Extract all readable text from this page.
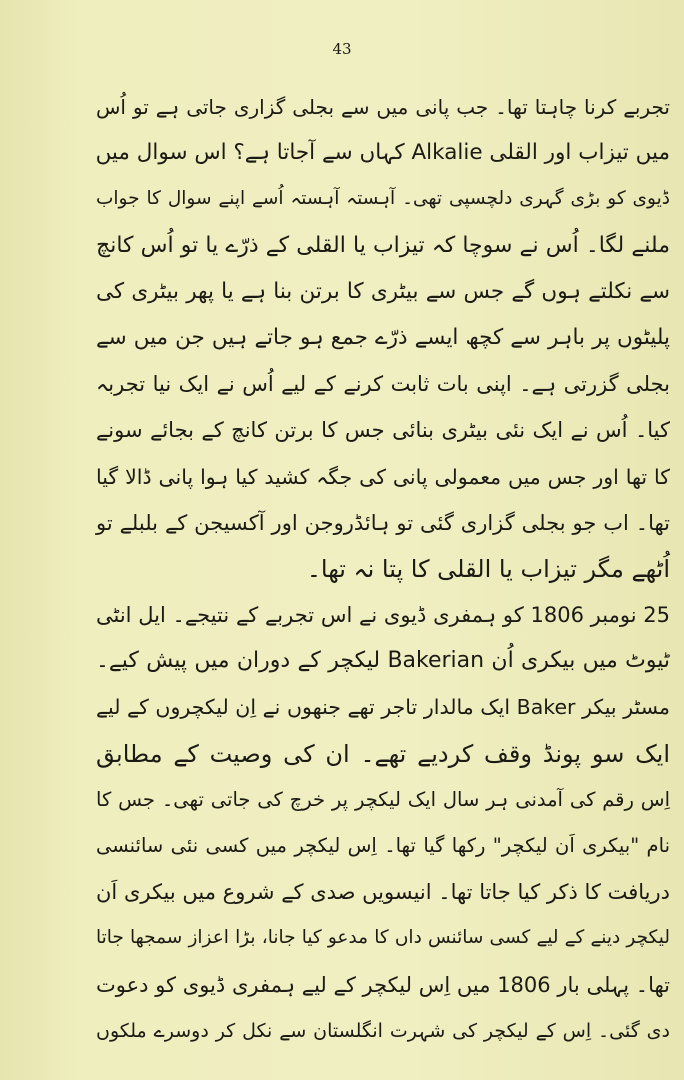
43
تجربے کرنا چاہتا تھا۔ جب پانی میں سے بجلی گزاری جاتی ہے تو اُس
میں تیزاب اور القلی Alkalie کہاں سے آجاتا ہے؟ اس سوال میں
ڈیوی کو بڑی گہری دلچسپی تھی۔ آہستہ آہستہ اُسے اپنے سوال کا جواب
ملنے لگا۔ اُس نے سوچا کہ تیزاب یا القلی کے ذرّے یا تو اُس کانچ
سے نکلتے ہوں گے جس سے بیٹری کا برتن بنا ہے یا پھر بیٹری کی
پلیٹوں پر باہر سے کچھ ایسے ذرّے جمع ہو جاتے ہیں جن میں سے
بجلی گزرتی ہے۔ اپنی بات ثابت کرنے کے لیے اُس نے ایک نیا تجربہ
کیا۔ اُس نے ایک نئی بیٹری بنائی جس کا برتن کانچ کے بجائے سونے
کا تھا اور جس میں معمولی پانی کی جگہ کشید کیا ہوا پانی ڈالا گیا
تھا۔ اب جو بجلی گزاری گئی تو ہائڈروجن اور آکسیجن کے بلبلے تو
اُٹھے مگر تیزاب یا القلی کا پتا نہ تھا۔
25 نومبر 1806 کو ہمفری ڈیوی نے اس تجربے کے نتیجے۔ ایل انٹی
ٹیوٹ میں بیکری اُن Bakerian لیکچر کے دوران میں پیش کیے۔
مسٹر بیکر Baker ایک مالدار تاجر تھے جنھوں نے اِن لیکچروں کے لیے
ایک سو پونڈ وقف کردیے تھے۔ ان کی وصیت کے مطابق
اِس رقم کی آمدنی ہر سال ایک لیکچر پر خرچ کی جاتی تھی۔ جس کا
نام "بیکری اَن لیکچر" رکھا گیا تھا۔ اِس لیکچر میں کسی نئی سائنسی
دریافت کا ذکر کیا جاتا تھا۔ انیسویں صدی کے شروع میں بیکری اَن
لیکچر دینے کے لیے کسی سائنس داں کا مدعو کیا جانا، بڑا اعزاز سمجھا جاتا
تھا۔ پہلی بار 1806 میں اِس لیکچر کے لیے ہمفری ڈیوی کو دعوت
دی گئی۔ اِس کے لیکچر کی شہرت انگلستان سے نکل کر دوسرے ملکوں
